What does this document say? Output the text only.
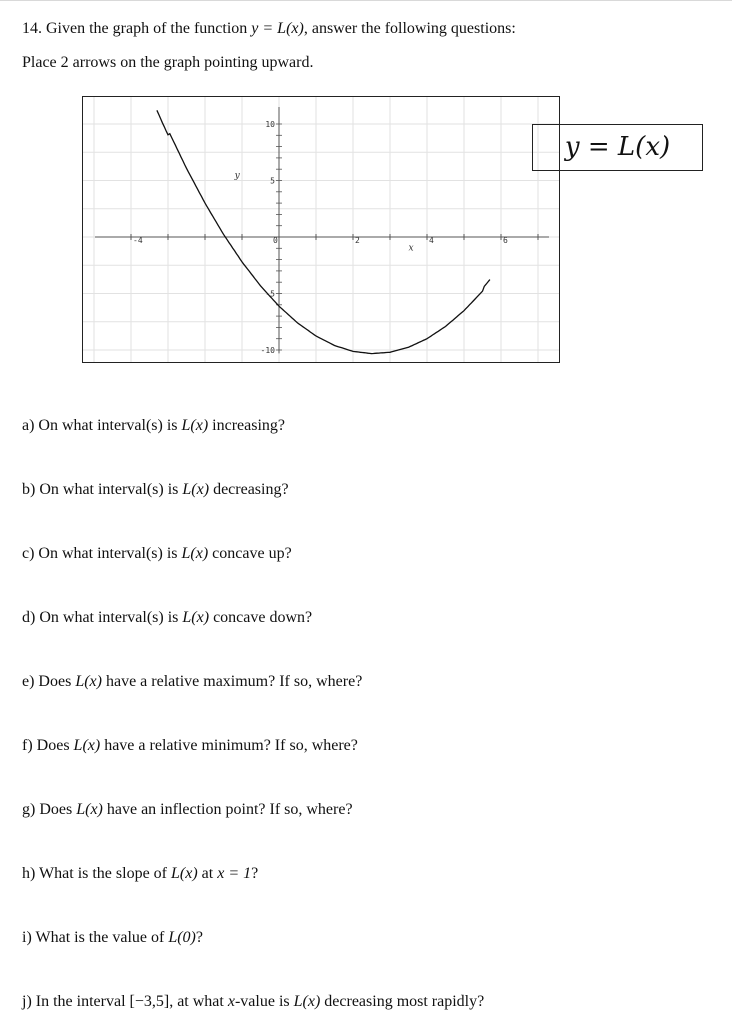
14. Given the graph of the function y = L(x), answer the following questions:
Place 2 arrows on the graph pointing upward.
-4	0	2	4	6
10
5
-5
-10
y
x
y = L(x)
a) On what interval(s) is L(x) increasing?
b) On what interval(s) is L(x) decreasing?
c) On what interval(s) is L(x) concave up?
d) On what interval(s) is L(x) concave down?
e) Does L(x) have a relative maximum? If so, where?
f) Does L(x) have a relative minimum? If so, where?
g) Does L(x) have an inflection point? If so, where?
h) What is the slope of L(x) at x = 1?
i) What is the value of L(0)?
j) In the interval [−3,5], at what x-value is L(x) decreasing most rapidly?
